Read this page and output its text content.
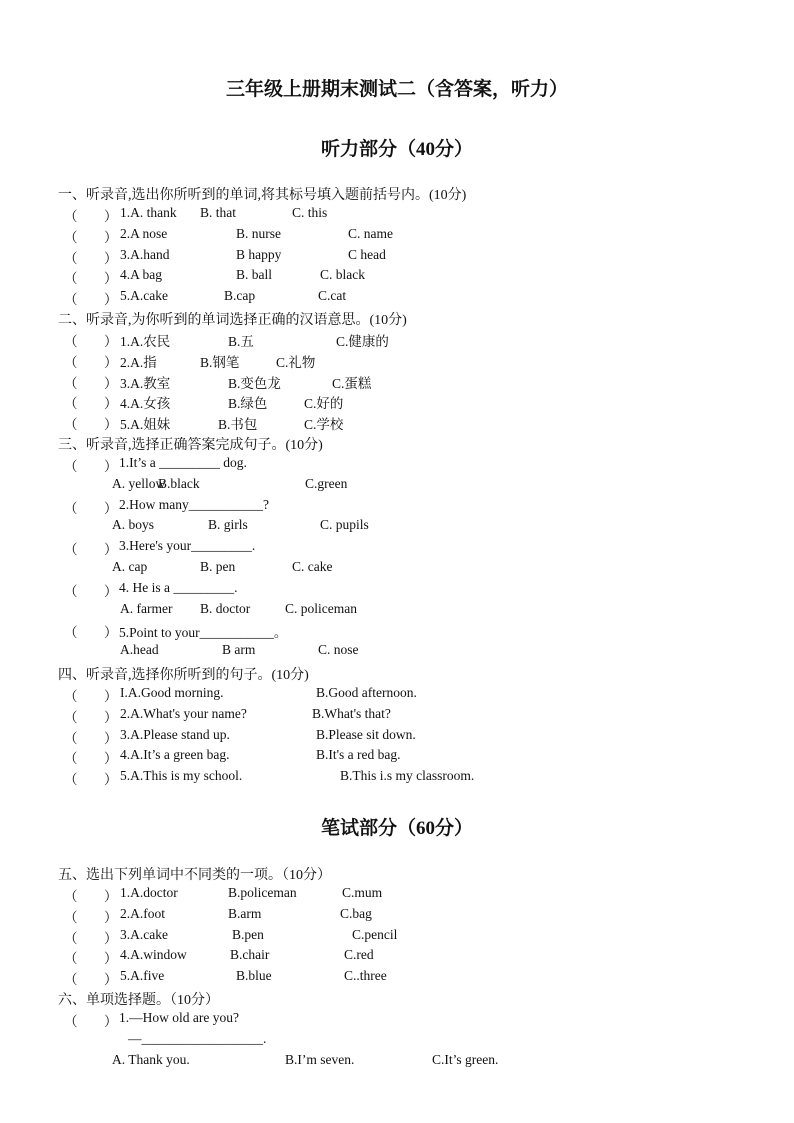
三年级上册期末测试二（含答案，听力）
听力部分（40分）
一、听录音,选出你所听到的单词,将其标号填入题前括号内。(10分)
（ ） 1.A. thank B. that	C. this
（ ） 2.A nose	B. nurse	C. name
（ ） 3.A.hand	B happy	C head
（ ） 4.A bag	B. ball	C. black
（ ） 5.A.cake	B.cap	C.cat
二、听录音,为你听到的单词选择正确的汉语意思。(10分)
（ ） 1.A.农民	B.五	C.健康的
（ ） 2.A.指	B.钢笔	C.礼物
（ ） 3.A.教室	B.变色龙	C.蛋糕
（ ） 4.A.女孩	B.绿色	C.好的
（ ） 5.A.姐妹	B.书包	C.学校
三、听录音,选择正确答案完成句子。(10分)
（ ） 1.It’s a _________ dog.
A. yellow
B.black	C.green
（ ） 2.How many___________?
A. boys	B. girls	C. pupils
（ ） 3.Here's your_________.
A. cap	B. pen	C. cake
（ ） 4. He is a _________.
A. farmer B. doctor	C. policeman
（ ） 5.Point to your___________。
A.head	B arm	C. nose
四、听录音,选择你所听到的句子。(10分)
（ ） I.A.Good morning.	B.Good afternoon.
（ ） 2.A.What's your name?	B.What's that?
（ ） 3.A.Please stand up.	B.Please sit down.
（ ） 4.A.It’s a green bag.	B.It's a red bag.
（ ） 5.A.This is my school.	B.This i.s my classroom.
笔试部分（60分）
五、选出下列单词中不同类的一项。（10分）
（ ） 1.A.doctor	B.policeman	C.mum
（ ） 2.A.foot	B.arm	C.bag
（ ） 3.A.cake	B.pen	C.pencil
（ ） 4.A.window	B.chair	C.red
（ ） 5.A.five	B.blue	C..three
六、单项选择题。（10分）
（ ） 1.—How old are you?
—__________________.
A. Thank you.	B.I’m seven.	C.It’s green.
